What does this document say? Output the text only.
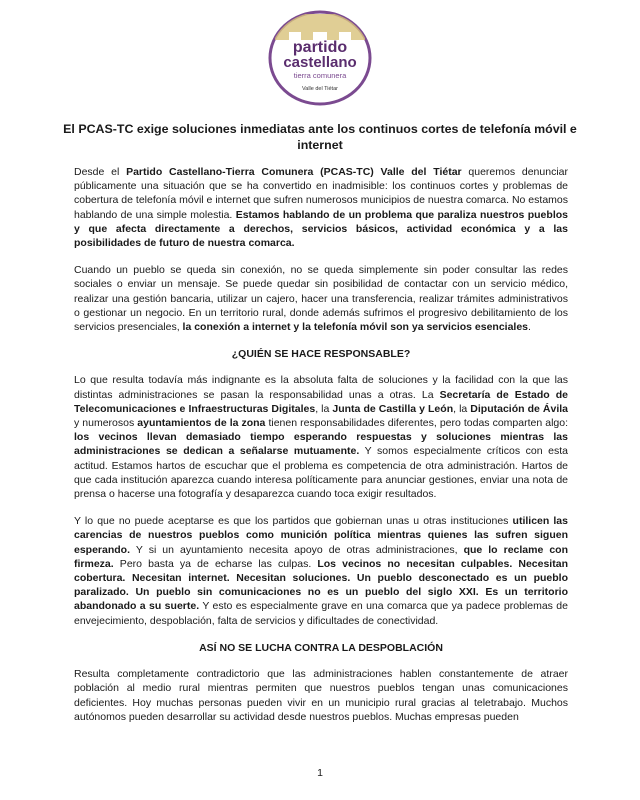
partido
castellano
tierra comunera
Valle del Tiétar
El PCAS-TC exige soluciones inmediatas ante los continuos cortes de telefonía móvil e internet

Desde el Partido Castellano-Tierra Comunera (PCAS-TC) Valle del Tiétar queremos denunciar públicamente una situación que se ha convertido en inadmisible: los continuos cortes y problemas de cobertura de telefonía móvil e internet que sufren numerosos municipios de nuestra comarca. No estamos hablando de una simple molestia. Estamos hablando de un problema que paraliza nuestros pueblos y que afecta directamente a derechos, servicios básicos, actividad económica y a las posibilidades de futuro de nuestra comarca.

Cuando un pueblo se queda sin conexión, no se queda simplemente sin poder consultar las redes sociales o enviar un mensaje. Se puede quedar sin posibilidad de contactar con un servicio médico, realizar una gestión bancaria, utilizar un cajero, hacer una transferencia, realizar trámites administrativos o gestionar un negocio. En un territorio rural, donde además sufrimos el progresivo debilitamiento de los servicios presenciales, la conexión a internet y la telefonía móvil son ya servicios esenciales.

¿QUIÉN SE HACE RESPONSABLE?

Lo que resulta todavía más indignante es la absoluta falta de soluciones y la facilidad con la que las distintas administraciones se pasan la responsabilidad unas a otras. La Secretaría de Estado de Telecomunicaciones e Infraestructuras Digitales, la Junta de Castilla y León, la Diputación de Ávila y numerosos ayuntamientos de la zona tienen responsabilidades diferentes, pero todas comparten algo: los vecinos llevan demasiado tiempo esperando respuestas y soluciones mientras las administraciones se dedican a señalarse mutuamente. Y somos especialmente críticos con esta actitud. Estamos hartos de escuchar que el problema es competencia de otra administración. Hartos de que cada institución aparezca cuando interesa políticamente para anunciar gestiones, enviar una nota de prensa o hacerse una fotografía y desaparezca cuando toca exigir resultados.

Y lo que no puede aceptarse es que los partidos que gobiernan unas u otras instituciones utilicen las carencias de nuestros pueblos como munición política mientras quienes las sufren siguen esperando. Y si un ayuntamiento necesita apoyo de otras administraciones, que lo reclame con firmeza. Pero basta ya de echarse las culpas. Los vecinos no necesitan culpables. Necesitan cobertura. Necesitan internet. Necesitan soluciones. Un pueblo desconectado es un pueblo paralizado. Un pueblo sin comunicaciones no es un pueblo del siglo XXI. Es un territorio abandonado a su suerte. Y esto es especialmente grave en una comarca que ya padece problemas de envejecimiento, despoblación, falta de servicios y dificultades de conectividad.

ASÍ NO SE LUCHA CONTRA LA DESPOBLACIÓN

Resulta completamente contradictorio que las administraciones hablen constantemente de atraer población al medio rural mientras permiten que nuestros pueblos tengan unas comunicaciones deficientes. Hoy muchas personas pueden vivir en un municipio rural gracias al teletrabajo. Muchos autónomos pueden desarrollar su actividad desde nuestros pueblos. Muchas empresas pueden

1
